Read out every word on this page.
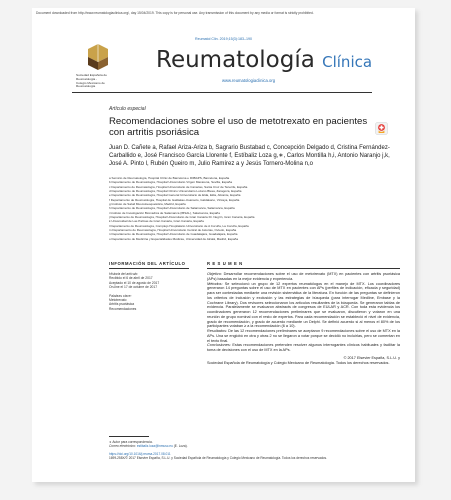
Document downloaded from http://www.reumatologiaclinica.org/, day 15/04/2019. This copy is for personal use. Any transmission of this document by any media or format is strictly prohibited.
Reumatol Clin. 2019;15(3):183–190
Sociedad Española de
Reumatología -
Colegio Mexicano de
Reumatología
Reumatología Clínica
www.reumatologiaclinica.org
Artículo especial
Recomendaciones sobre el uso de metotrexato en pacientes con artritis psoriásica
Juan D. Cañete a, Rafael Ariza-Ariza b, Sagrario Bustabad c, Concepción Delgado d, Cristina Fernández-Carballido e, José Francisco García Llorente f, Estíbaliz Loza g,∗, Carlos Montilla h,i, Antonio Naranjo j,k, José A. Pinto l, Rubén Queiro m, Julio Ramírez a y Jesús Tornero-Molina n,o
a Servicio de Reumatología, Hospital Clínic de Barcelona e IDIBAPS, Barcelona, España
b Departamento de Reumatología, Hospital Universitario Virgen Macarena, Sevilla, España
c Departamento de Reumatología, Hospital Universitario de Canarias, Santa Cruz de Tenerife, España
d Departamento de Reumatología, Hospital Clínico Universitario Lozano Blesa, Zaragoza, España
e Departamento de Reumatología, Hospital General Universitario de Elda, Elda, Alicante, España
f Departamento de Reumatología, Hospital de Galdakao-Usansolo, Galdakano, Vizcaya, España
g Instituto de Salud Musculoesquelética, Madrid, España
h Departamento de Reumatología, Hospital Universitario de Salamanca, Salamanca, España
i Instituto de Investigación Biomédica de Salamanca (IBSAL), Salamanca, España
j Departamento de Reumatología, Hospital Universitario de Gran Canaria Dr. Negrín, Gran Canaria, España
k Universidad de Las Palmas de Gran Canaria, Gran Canaria, España
l Departamento de Reumatología, Complejo Hospitalario Universitario de A Coruña, La Coruña, España
m Departamento de Reumatología, Hospital Universitario Central de Asturias, Oviedo, España
n Departamento de Reumatología, Hospital Universitario de Guadalajara, Guadalajara, España
o Departamento de Medicina y Especialidades Médicas, Universidad de Alcalá, Madrid, España
INFORMACIÓN DEL ARTÍCULO
Historia del artículo:
Recibido el 6 de abril de 2017
Aceptado el 10 de agosto de 2017
On-line el 17 de octubre de 2017
Palabras clave:
Metotrexato
Artritis psoriásica
Recomendaciones
R E S U M E N
Objetivo: Desarrollar recomendaciones sobre el uso de metotrexato (MTX) en pacientes con artritis psoriásica (APs) basadas en la mejor evidencia y experiencia.
Métodos: Se seleccionó un grupo de 12 expertos reumatólogos en el manejo de MTX. Los coordinadores generaron 14 preguntas sobre el uso de MTX en pacientes con APs (perfiles de indicación, eficacia y seguridad) para ser contestadas mediante una revisión sistemática de la literatura. En función de las preguntas se definieron los criterios de inclusión y exclusión y las estrategias de búsqueda (para interrogar Medline, Embase y la Cochrane Library). Dos revisores seleccionaron los artículos resultantes de la búsqueda. Se generaron tablas de evidencia. Paralelamente se evaluaron abstracts de congresos de EULAR y ACR. Con toda esta evidencia los coordinadores generaron 12 recomendaciones preliminares que se evaluaron, discutieron y votaron en una reunión de grupo nominal con el resto de expertos. Para cada recomendación se estableció el nivel de evidencia, grado de recomendación, y grado de acuerdo mediante un Delphi. Se definió acuerdo si al menos el 80% de los participantes votaban ≥ a la recomendación (6 a 10).
Resultados: De las 12 recomendaciones preliminares se aceptaron 9 recomendaciones sobre el uso de MTX en la APs. Una se englobó en otra y otras 2 no se llegaron a votar porque se decidió no incluirlas, pero se comentan en el texto final.
Conclusiones: Estas recomendaciones pretenden resolver algunos interrogantes clínicos habituales y facilitar la toma de decisiones con el uso de MTX en la APs.
© 2017 Elsevier España, S.L.U. y
Sociedad Española de Reumatología y Colegio Mexicano de Reumatología. Todos los derechos reservados.
∗ Autor para correspondencia.
Correo electrónico: estibaliz.loza@inmusc.eu (E. Loza).
https://doi.org/10.1016/j.reuma.2017.08.011
1699-258X/© 2017 Elsevier España, S.L.U. y Sociedad Española de Reumatología y Colegio Mexicano de Reumatología. Todos los derechos reservados.
